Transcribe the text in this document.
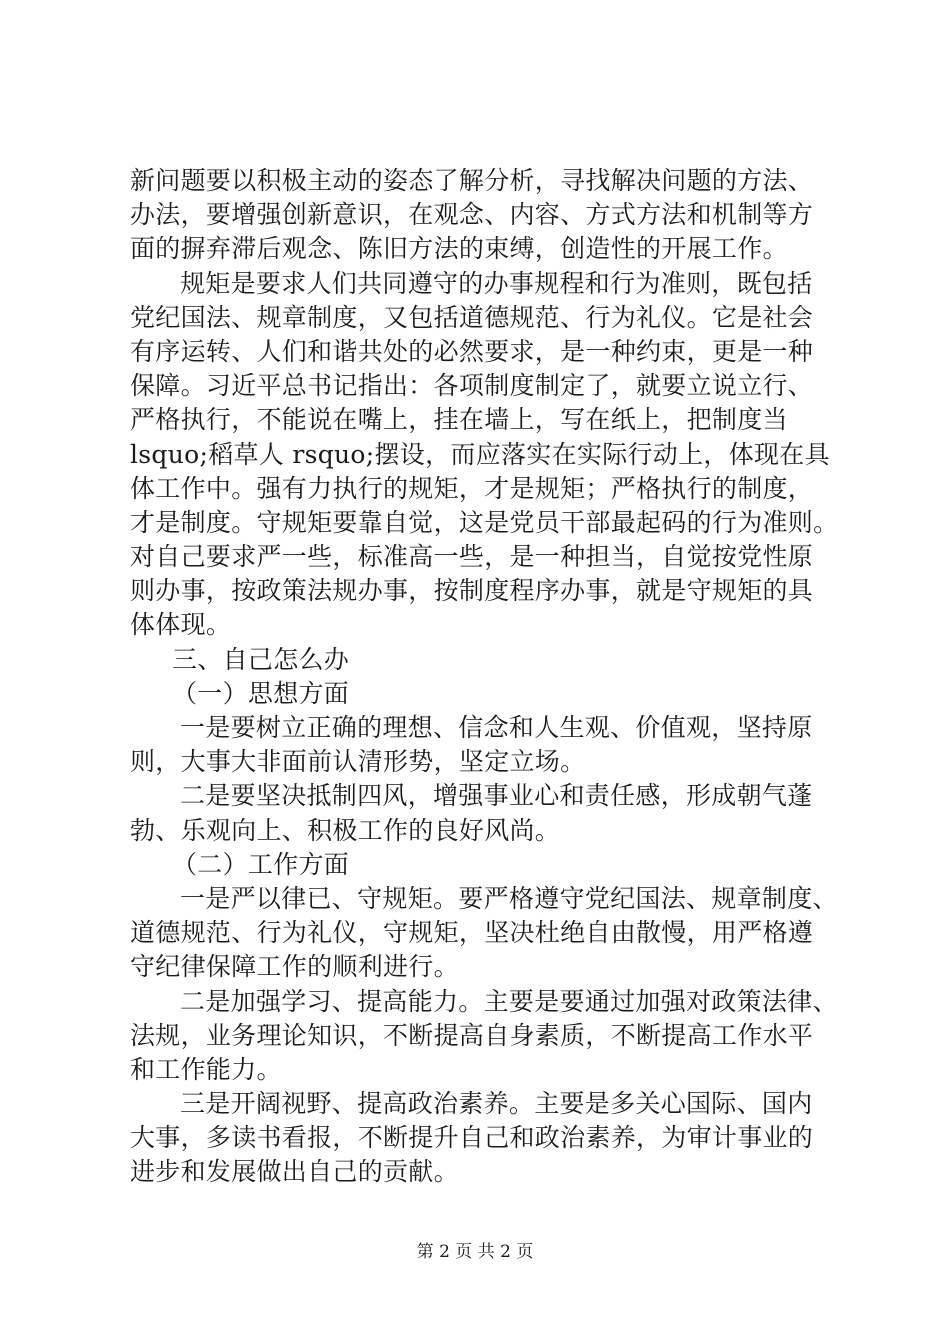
新问题要以积极主动的姿态了解分析，寻找解决问题的方法、
办法，要增强创新意识，在观念、内容、方式方法和机制等方
面的摒弃滞后观念、陈旧方法的束缚，创造性的开展工作。
规矩是要求人们共同遵守的办事规程和行为准则，既包括
党纪国法、规章制度，又包括道德规范、行为礼仪。它是社会
有序运转、人们和谐共处的必然要求，是一种约束，更是一种
保障。习近平总书记指出：各项制度制定了，就要立说立行、
严格执行，不能说在嘴上，挂在墙上，写在纸上，把制度当
lsquo;稻草人 rsquo;摆设，而应落实在实际行动上，体现在具
体工作中。强有力执行的规矩，才是规矩；严格执行的制度，
才是制度。守规矩要靠自觉，这是党员干部最起码的行为准则。
对自己要求严一些，标准高一些，是一种担当，自觉按党性原
则办事，按政策法规办事，按制度程序办事，就是守规矩的具
体体现。
三、自己怎么办
（一）思想方面
一是要树立正确的理想、信念和人生观、价值观，坚持原
则，大事大非面前认清形势，坚定立场。
二是要坚决抵制四风，增强事业心和责任感，形成朝气蓬
勃、乐观向上、积极工作的良好风尚。
（二）工作方面
一是严以律已、守规矩。要严格遵守党纪国法、规章制度、
道德规范、行为礼仪，守规矩，坚决杜绝自由散慢，用严格遵
守纪律保障工作的顺利进行。
二是加强学习、提高能力。主要是要通过加强对政策法律、
法规，业务理论知识，不断提高自身素质，不断提高工作水平
和工作能力。
三是开阔视野、提高政治素养。主要是多关心国际、国内
大事，多读书看报，不断提升自己和政治素养，为审计事业的
进步和发展做出自己的贡献。
第 2 页 共 2 页
